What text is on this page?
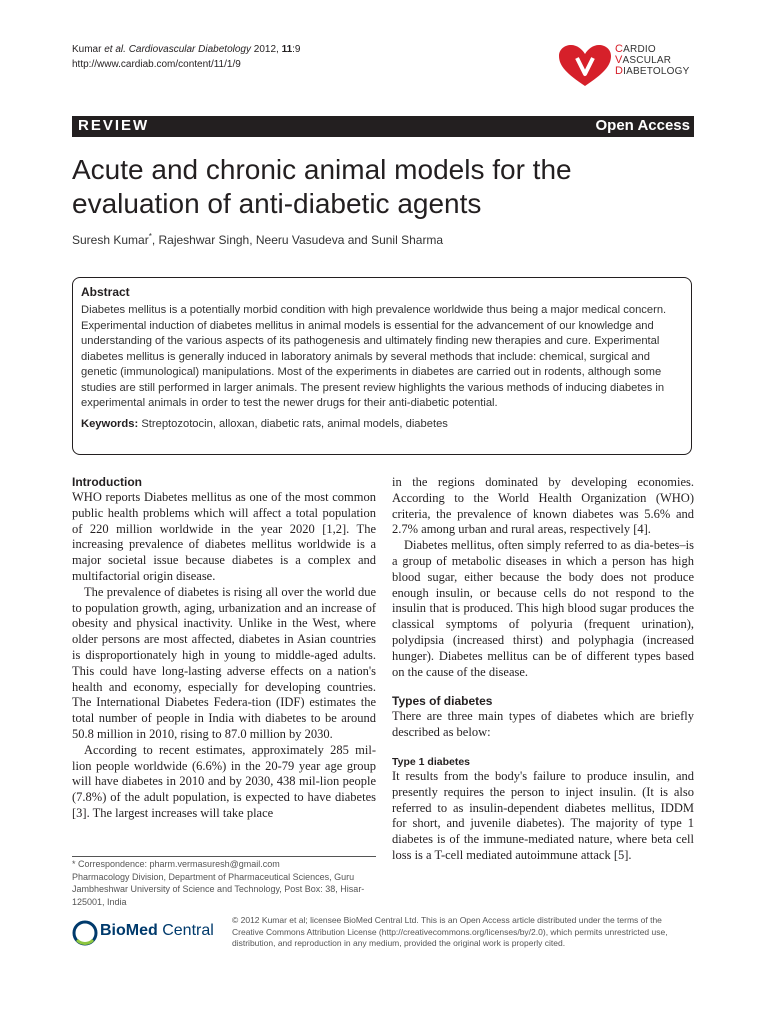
Kumar et al. Cardiovascular Diabetology 2012, 11:9
http://www.cardiab.com/content/11/1/9
CARDIO
VASCULAR
DIABETOLOGY
REVIEW	Open Access
Acute and chronic animal models for the evaluation of anti-diabetic agents
Suresh Kumar*, Rajeshwar Singh, Neeru Vasudeva and Sunil Sharma
Abstract
Diabetes mellitus is a potentially morbid condition with high prevalence worldwide thus being a major medical concern. Experimental induction of diabetes mellitus in animal models is essential for the advancement of our knowledge and understanding of the various aspects of its pathogenesis and ultimately finding new therapies and cure. Experimental diabetes mellitus is generally induced in laboratory animals by several methods that include: chemical, surgical and genetic (immunological) manipulations. Most of the experiments in diabetes are carried out in rodents, although some studies are still performed in larger animals. The present review highlights the various methods of inducing diabetes in experimental animals in order to test the newer drugs for their anti-diabetic potential.
Keywords: Streptozotocin, alloxan, diabetic rats, animal models, diabetes
Introduction

WHO reports Diabetes mellitus as one of the most common public health problems which will affect a total population of 220 million worldwide in the year 2020 [1,2]. The increasing prevalence of diabetes mellitus worldwide is a major societal issue because diabetes is a complex and multifactorial origin disease.

The prevalence of diabetes is rising all over the world due to population growth, aging, urbanization and an increase of obesity and physical inactivity. Unlike in the West, where older persons are most affected, diabetes in Asian countries is disproportionately high in young to middle-aged adults. This could have long-lasting adverse effects on a nation's health and economy, especially for developing countries. The International Diabetes Federa-tion (IDF) estimates the total number of people in India with diabetes to be around 50.8 million in 2010, rising to 87.0 million by 2030.

According to recent estimates, approximately 285 mil-lion people worldwide (6.6%) in the 20-79 year age group will have diabetes in 2010 and by 2030, 438 mil-lion people (7.8%) of the adult population, is expected to have diabetes [3]. The largest increases will take place

in the regions dominated by developing economies. According to the World Health Organization (WHO) criteria, the prevalence of known diabetes was 5.6% and 2.7% among urban and rural areas, respectively [4].

Diabetes mellitus, often simply referred to as dia-betes–is a group of metabolic diseases in which a person has high blood sugar, either because the body does not produce enough insulin, or because cells do not respond to the insulin that is produced. This high blood sugar produces the classical symptoms of polyuria (frequent urination), polydipsia (increased thirst) and polyphagia (increased hunger). Diabetes mellitus can be of different types based on the cause of the disease.

Types of diabetes

There are three main types of diabetes which are briefly described as below:

Type 1 diabetes

It results from the body's failure to produce insulin, and presently requires the person to inject insulin. (It is also referred to as insulin-dependent diabetes mellitus, IDDM for short, and juvenile diabetes). The majority of type 1 diabetes is of the immune-mediated nature, where beta cell loss is a T-cell mediated autoimmune attack [5].

* Correspondence: pharm.vermasuresh@gmail.com
Pharmacology Division, Department of Pharmaceutical Sciences, Guru Jambheshwar University of Science and Technology, Post Box: 38, Hisar-125001, India
BioMed Central
© 2012 Kumar et al; licensee BioMed Central Ltd. This is an Open Access article distributed under the terms of the Creative Commons Attribution License (http://creativecommons.org/licenses/by/2.0), which permits unrestricted use, distribution, and reproduction in any medium, provided the original work is properly cited.
